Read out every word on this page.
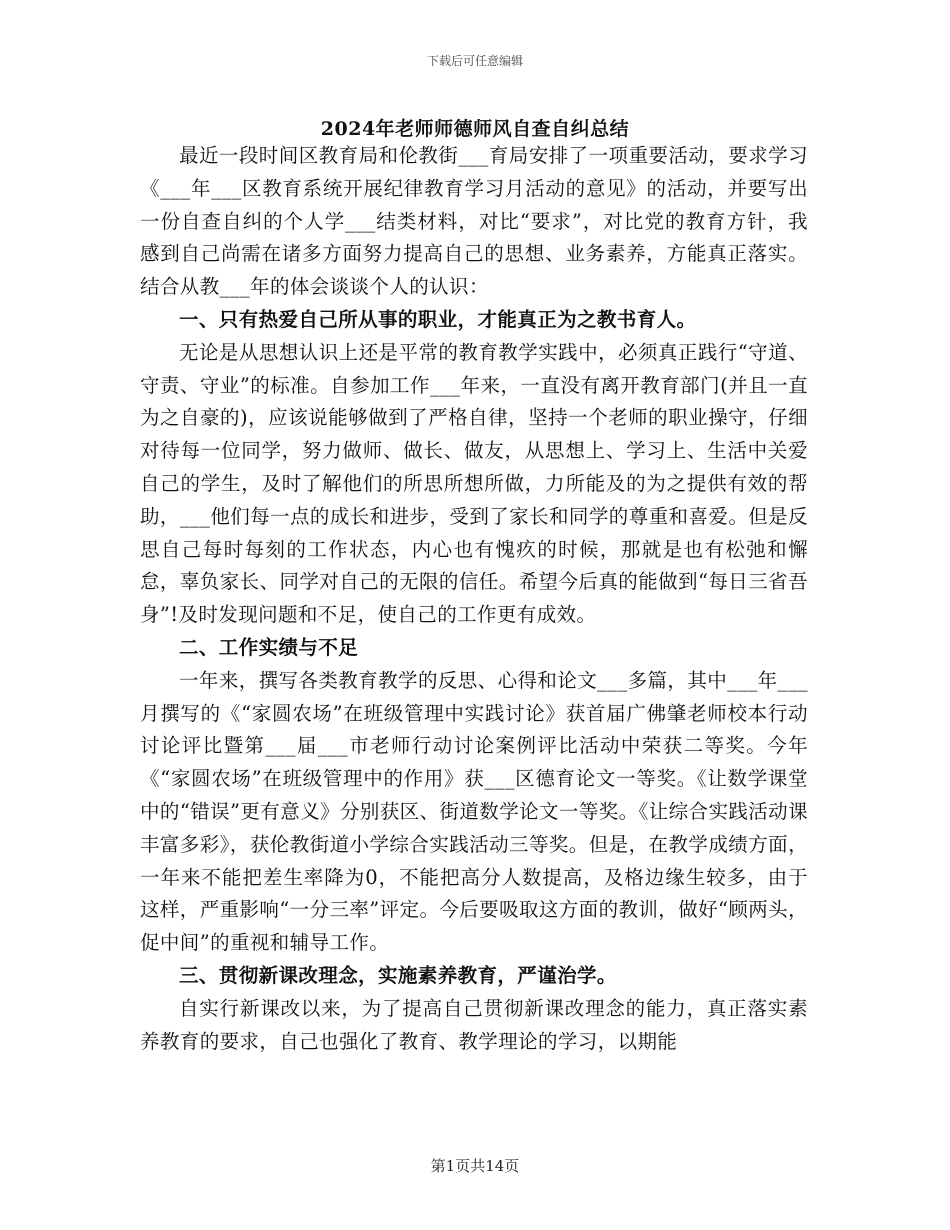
下载后可任意编辑
2024年老师师德师风自查自纠总结

最近一段时间区教育局和伦教街___育局安排了一项重要活动，要求学习《___年___区教育系统开展纪律教育学习月活动的意见》的活动，并要写出一份自查自纠的个人学___结类材料，对比“要求”，对比党的教育方针，我感到自己尚需在诸多方面努力提高自己的思想、业务素养，方能真正落实。结合从教___年的体会谈谈个人的认识：

一、只有热爱自己所从事的职业，才能真正为之教书育人。

无论是从思想认识上还是平常的教育教学实践中，必须真正践行“守道、守责、守业”的标准。自参加工作___年来，一直没有离开教育部门(并且一直为之自豪的)，应该说能够做到了严格自律，坚持一个老师的职业操守，仔细对待每一位同学，努力做师、做长、做友，从思想上、学习上、生活中关爱自己的学生，及时了解他们的所思所想所做，力所能及的为之提供有效的帮助，___他们每一点的成长和进步，受到了家长和同学的尊重和喜爱。但是反思自己每时每刻的工作状态，内心也有愧疚的时候，那就是也有松弛和懈怠，辜负家长、同学对自己的无限的信任。希望今后真的能做到“每日三省吾身”!及时发现问题和不足，使自己的工作更有成效。

二、工作实绩与不足

一年来，撰写各类教育教学的反思、心得和论文___多篇，其中___年___月撰写的《“家圆农场”在班级管理中实践讨论》获首届广佛肇老师校本行动讨论评比暨第___届___市老师行动讨论案例评比活动中荣获二等奖。今年《“家圆农场”在班级管理中的作用》获___区德育论文一等奖。《让数学课堂中的“错误”更有意义》分别获区、街道数学论文一等奖。《让综合实践活动课丰富多彩》，获伦教街道小学综合实践活动三等奖。但是，在教学成绩方面，一年来不能把差生率降为0，不能把高分人数提高，及格边缘生较多，由于这样，严重影响“一分三率”评定。今后要吸取这方面的教训，做好“顾两头，促中间”的重视和辅导工作。

三、贯彻新课改理念，实施素养教育，严谨治学。

自实行新课改以来，为了提高自己贯彻新课改理念的能力，真正落实素养教育的要求，自己也强化了教育、教学理论的学习，以期能

第1页共14页
